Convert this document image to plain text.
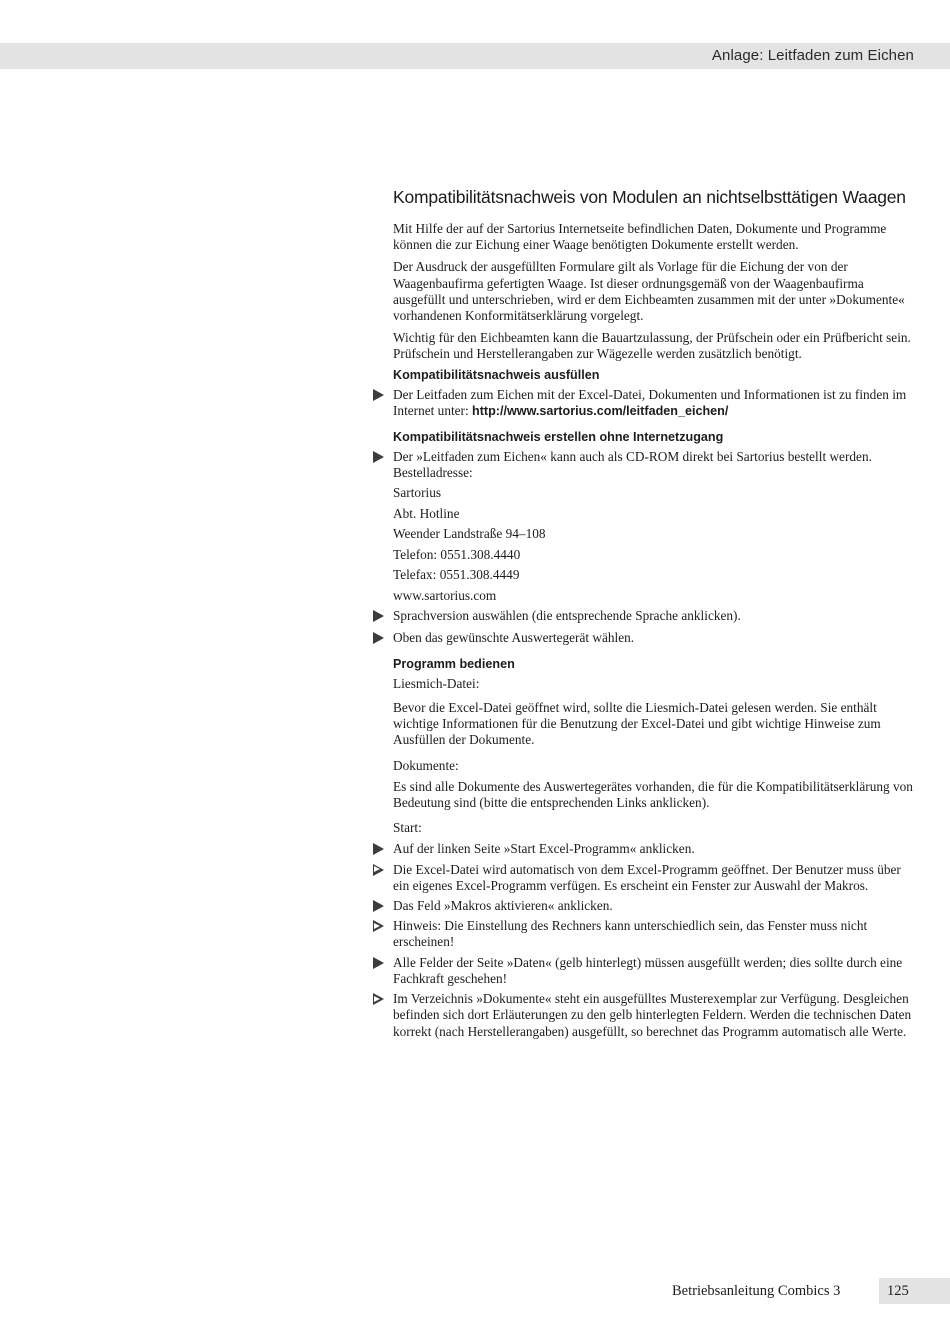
Anlage: Leitfaden zum Eichen
Kompatibilitätsnachweis von Modulen an nichtselbsttätigen Waagen

Mit Hilfe der auf der Sartorius Internetseite befindlichen Daten, Dokumente und Programme können die zur Eichung einer Waage benötigten Dokumente erstellt werden.

Der Ausdruck der ausgefüllten Formulare gilt als Vorlage für die Eichung der von der Waagenbaufirma gefertigten Waage. Ist dieser ordnungsgemäß von der Waagenbaufirma ausgefüllt und unterschrieben, wird er dem Eichbeamten zusammen mit der unter »Dokumente« vorhandenen Konformitätserklärung vorgelegt.

Wichtig für den Eichbeamten kann die Bauartzulassung, der Prüfschein oder ein Prüfbericht sein. Prüfschein und Herstellerangaben zur Wägezelle werden zusätzlich benötigt.

Kompatibilitätsnachweis ausfüllen
Der Leitfaden zum Eichen mit der Excel-Datei, Dokumenten und Informationen ist zu finden im Internet unter: http://www.sartorius.com/leitfaden_eichen/
Kompatibilitätsnachweis erstellen ohne Internetzugang
Der »Leitfaden zum Eichen« kann auch als CD-ROM direkt bei Sartorius bestellt werden. Bestelladresse:
Sartorius
Abt. Hotline
Weender Landstraße 94–108
Telefon: 0551.308.4440
Telefax: 0551.308.4449
www.sartorius.com
Sprachversion auswählen (die entsprechende Sprache anklicken).
Oben das gewünschte Auswertegerät wählen.
Programm bedienen

Liesmich-Datei:

Bevor die Excel-Datei geöffnet wird, sollte die Liesmich-Datei gelesen werden. Sie enthält wichtige Informationen für die Benutzung der Excel-Datei und gibt wichtige Hinweise zum Ausfüllen der Dokumente.

Dokumente:

Es sind alle Dokumente des Auswertegerätes vorhanden, die für die Kompatibilitätserklärung von Bedeutung sind (bitte die entsprechenden Links anklicken).

Start:

Auf der linken Seite »Start Excel-Programm« anklicken.
Die Excel-Datei wird automatisch von dem Excel-Programm geöffnet. Der Benutzer muss über ein eigenes Excel-Programm verfügen. Es erscheint ein Fenster zur Auswahl der Makros.
Das Feld »Makros aktivieren« anklicken.
Hinweis: Die Einstellung des Rechners kann unterschiedlich sein, das Fenster muss nicht erscheinen!
Alle Felder der Seite »Daten« (gelb hinterlegt) müssen ausgefüllt werden; dies sollte durch eine Fachkraft geschehen!
Im Verzeichnis »Dokumente« steht ein ausgefülltes Musterexemplar zur Verfügung. Desgleichen befinden sich dort Erläuterungen zu den gelb hinterlegten Feldern. Werden die technischen Daten korrekt (nach Herstellerangaben) ausgefüllt, so berechnet das Programm automatisch alle Werte.
Betriebsanleitung Combics 3	125
